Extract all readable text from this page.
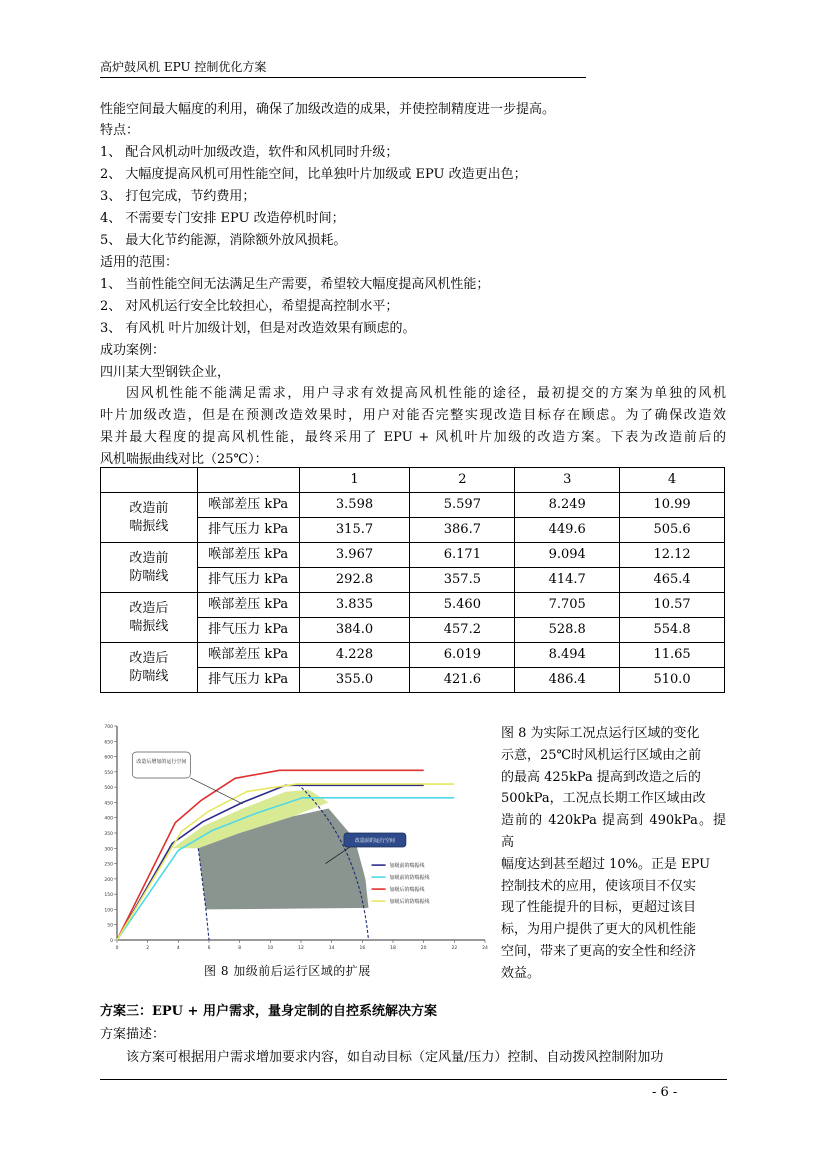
高炉鼓风机 EPU 控制优化方案
性能空间最大幅度的利用，确保了加级改造的成果，并使控制精度进一步提高。
特点：
1、 配合风机动叶加级改造，软件和风机同时升级；
2、 大幅度提高风机可用性能空间，比单独叶片加级或 EPU 改造更出色；
3、 打包完成，节约费用；
4、 不需要专门安排 EPU 改造停机时间；
5、 最大化节约能源，消除额外放风损耗。
适用的范围：
1、 当前性能空间无法满足生产需要，希望较大幅度提高风机性能；
2、 对风机运行安全比较担心，希望提高控制水平；
3、 有风机 叶片加级计划，但是对改造效果有顾虑的。
成功案例：
四川某大型钢铁企业，
因风机性能不能满足需求，用户寻求有效提高风机性能的途径，最初提交的方案为单独的风机
叶片加级改造，但是在预测改造效果时，用户对能否完整实现改造目标存在顾虑。为了确保改造效
果并最大程度的提高风机性能，最终采用了 EPU + 风机叶片加级的改造方案。下表为改造前后的
风机喘振曲线对比（25℃）：
		1	2	3	4
改造前
喘振线	喉部差压 kPa	3.598	5.597	8.249	10.99
	排气压力 kPa	315.7	386.7	449.6	505.6
改造前
防喘线	喉部差压 kPa	3.967	6.171	9.094	12.12
	排气压力 kPa	292.8	357.5	414.7	465.4
改造后
喘振线	喉部差压 kPa	3.835	5.460	7.705	10.57
	排气压力 kPa	384.0	457.2	528.8	554.8
改造后
防喘线	喉部差压 kPa	4.228	6.019	8.494	11.65
	排气压力 kPa	355.0	421.6	486.4	510.0
0
50
100
150
200
250
300
350
400
450
500
550
600
650
700
0	2	4	6	8	10	12	14	16	18	20	22	24
改造后增加的运行空间
改造前的运行空间
加级前的喘振线
加级前的防喘振线
加级后的喘振线
加级后的防喘振线
图 8 加级前后运行区域的扩展
图 8 为实际工况点运行区域的变化
示意，25℃时风机运行区域由之前
的最高 425kPa 提高到改造之后的
500kPa，工况点长期工作区域由改
造前的 420kPa 提高到 490kPa。提高
幅度达到甚至超过 10%。正是 EPU
控制技术的应用，使该项目不仅实
现了性能提升的目标，更超过该目
标，为用户提供了更大的风机性能
空间，带来了更高的安全性和经济
效益。
方案三：EPU + 用户需求，量身定制的自控系统解决方案
方案描述：
该方案可根据用户需求增加要求内容，如自动目标（定风量/压力）控制、自动拨风控制附加功
- 6 -
